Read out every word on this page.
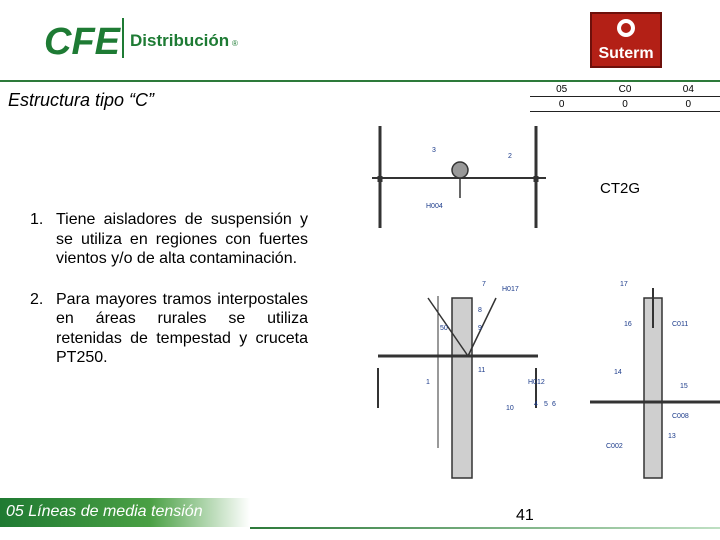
CFE Distribución ®
Suterm
Estructura tipo “C”
05	C0	04
0	0	0
CT2G
1. Tiene aisladores de suspensión y se utiliza en regiones con fuertes vientos y/o de alta contaminación.
2. Para mayores tramos interpostales en áreas rurales se utiliza retenidas de tempestad y cruceta PT250.
H004
H017
H012
C011
C008
C002
3
2
7
8
9
50
1
11
10
4 5 6
17
16
14
15
13
05 Líneas de media tensión	41
